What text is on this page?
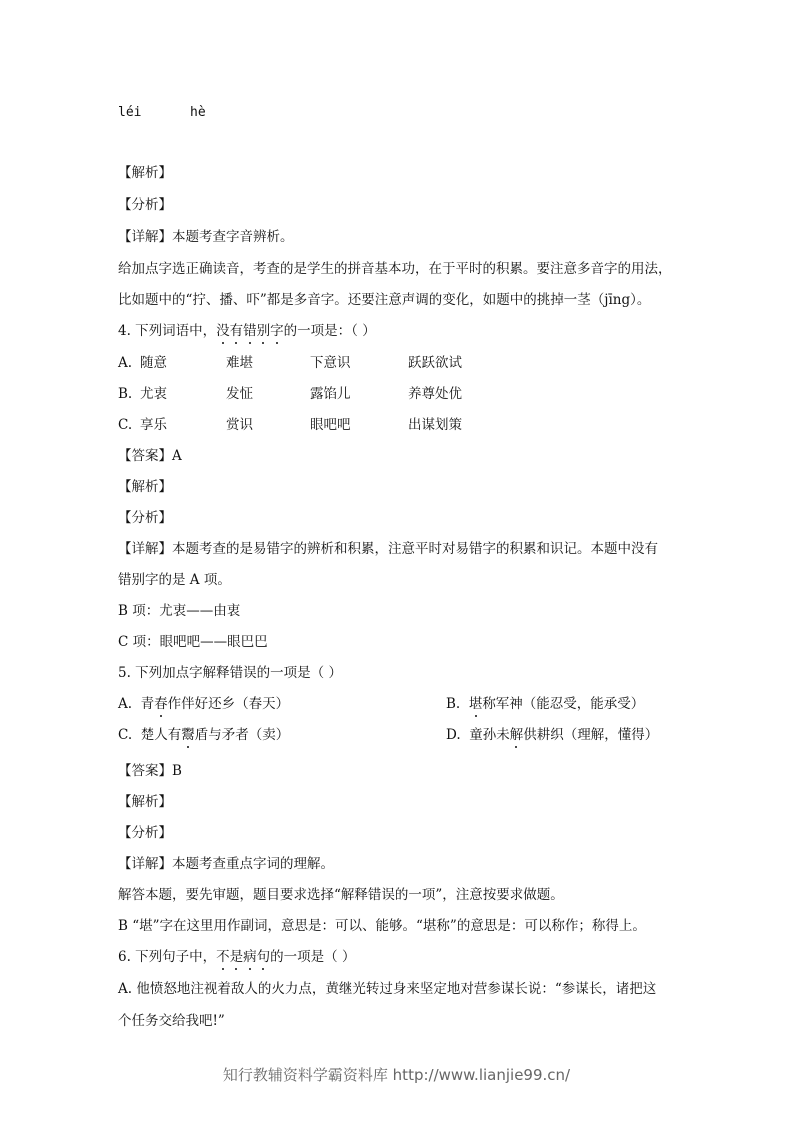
léi	hè
【解析】
【分析】
【详解】本题考查字音辨析。
给加点字选正确读音，考查的是学生的拼音基本功，在于平时的积累。要注意多音字的用法，
比如题中的“拧、播、吓”都是多音字。还要注意声调的变化，如题中的挑掉一茎（jīng）。
4. 下列词语中，没有错别字的一项是：（ ）
A. 随意	难堪	下意识	跃跃欲试
B. 尤衷	发怔	露馅儿	养尊处优
C. 享乐	赏识	眼吧吧	出谋划策
【答案】A
【解析】
【分析】
【详解】本题考查的是易错字的辨析和积累，注意平时对易错字的积累和识记。本题中没有
错别字的是 A 项。
B 项：尤衷——由衷
C 项：眼吧吧——眼巴巴
5. 下列加点字解释错误的一项是（ ）
A. 青春作伴好还乡（春天）	B. 堪称军神（能忍受，能承受）
C. 楚人有鬻盾与矛者（卖）	D. 童孙未解供耕织（理解，懂得）
【答案】B
【解析】
【分析】
【详解】本题考查重点字词的理解。
解答本题，要先审题，题目要求选择“解释错误的一项”，注意按要求做题。
B “堪”字在这里用作副词，意思是：可以、能够。“堪称”的意思是：可以称作；称得上。
6. 下列句子中，不是病句的一项是（ ）
A. 他愤怒地注视着敌人的火力点，黄继光转过身来坚定地对营参谋长说：“参谋长，诸把这
个任务交给我吧!”
知行教辅资料学霸资料库 http://www.lianjie99.cn/
